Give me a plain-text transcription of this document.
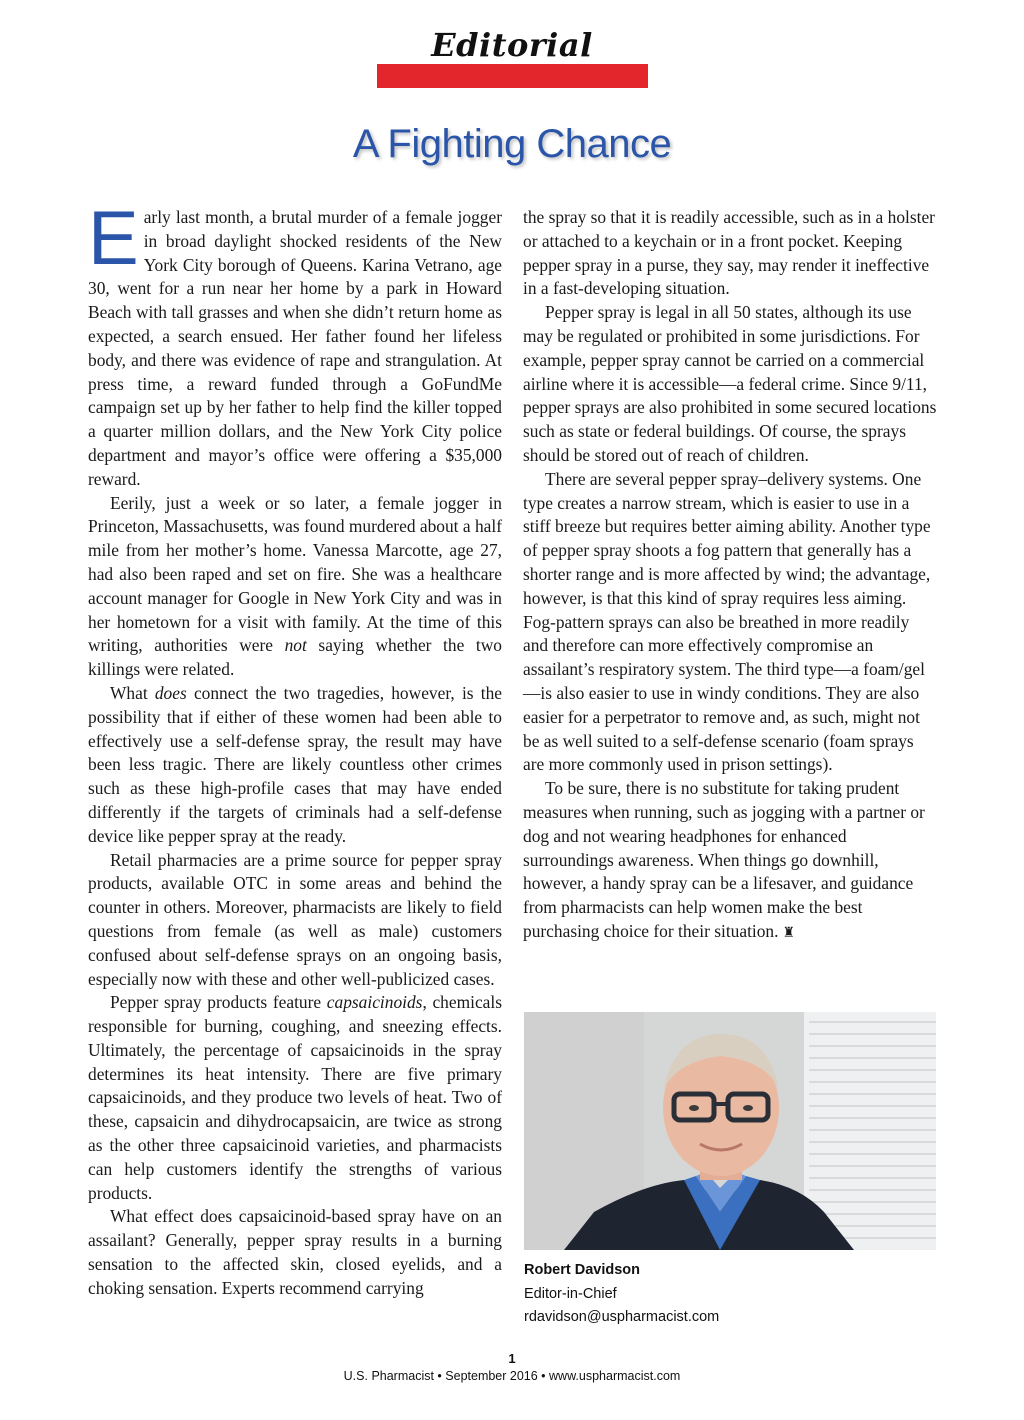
Editorial
A Fighting Chance

Early last month, a brutal murder of a female jogger in broad daylight shocked residents of the New York City borough of Queens. Karina Vetrano, age 30, went for a run near her home by a park in Howard Beach with tall grasses and when she didn’t return home as expected, a search ensued. Her father found her lifeless body, and there was evidence of rape and strangulation. At press time, a reward funded through a GoFundMe campaign set up by her father to help find the killer topped a quarter million dollars, and the New York City police department and mayor’s office were offering a $35,000 reward.

Eerily, just a week or so later, a female jogger in Princeton, Massachusetts, was found murdered about a half mile from her mother’s home. Vanessa Marcotte, age 27, had also been raped and set on fire. She was a healthcare account manager for Google in New York City and was in her hometown for a visit with family. At the time of this writing, authorities were not saying whether the two killings were related.

What does connect the two tragedies, however, is the possibility that if either of these women had been able to effectively use a self-defense spray, the result may have been less tragic. There are likely countless other crimes such as these high-profile cases that may have ended differently if the targets of criminals had a self-defense device like pepper spray at the ready.

Retail pharmacies are a prime source for pepper spray products, available OTC in some areas and behind the counter in others. Moreover, pharmacists are likely to field questions from female (as well as male) customers confused about self-defense sprays on an ongoing basis, especially now with these and other well-publicized cases.

Pepper spray products feature capsaicinoids, chemicals responsible for burning, coughing, and sneezing effects. Ultimately, the percentage of capsaicinoids in the spray determines its heat intensity. There are five primary capsaicinoids, and they produce two levels of heat. Two of these, capsaicin and dihydrocapsaicin, are twice as strong as the other three capsaicinoid varieties, and pharmacists can help customers identify the strengths of various products.

What effect does capsaicinoid-based spray have on an assailant? Generally, pepper spray results in a burning sensation to the affected skin, closed eyelids, and a choking sensation. Experts recommend carrying

the spray so that it is readily accessible, such as in a holster or attached to a keychain or in a front pocket. Keeping pepper spray in a purse, they say, may render it ineffective in a fast-developing situation.

Pepper spray is legal in all 50 states, although its use may be regulated or prohibited in some jurisdictions. For example, pepper spray cannot be carried on a commercial airline where it is accessible—a federal crime. Since 9/11, pepper sprays are also prohibited in some secured locations such as state or federal buildings. Of course, the sprays should be stored out of reach of children.

There are several pepper spray–delivery systems. One type creates a narrow stream, which is easier to use in a stiff breeze but requires better aiming ability. Another type of pepper spray shoots a fog pattern that generally has a shorter range and is more affected by wind; the advantage, however, is that this kind of spray requires less aiming. Fog-pattern sprays can also be breathed in more readily and therefore can more effectively compromise an assailant’s respiratory system. The third type—a foam/gel—is also easier to use in windy conditions. They are also easier for a perpetrator to remove and, as such, might not be as well suited to a self-defense scenario (foam sprays are more commonly used in prison settings).

To be sure, there is no substitute for taking prudent measures when running, such as jogging with a partner or dog and not wearing headphones for enhanced surroundings awareness. When things go downhill, however, a handy spray can be a lifesaver, and guidance from pharmacists can help women make the best purchasing choice for their situation. ♜

Robert Davidson
Editor-in-Chief
rdavidson@uspharmacist.com
1
U.S. Pharmacist • September 2016 • www.uspharmacist.com
